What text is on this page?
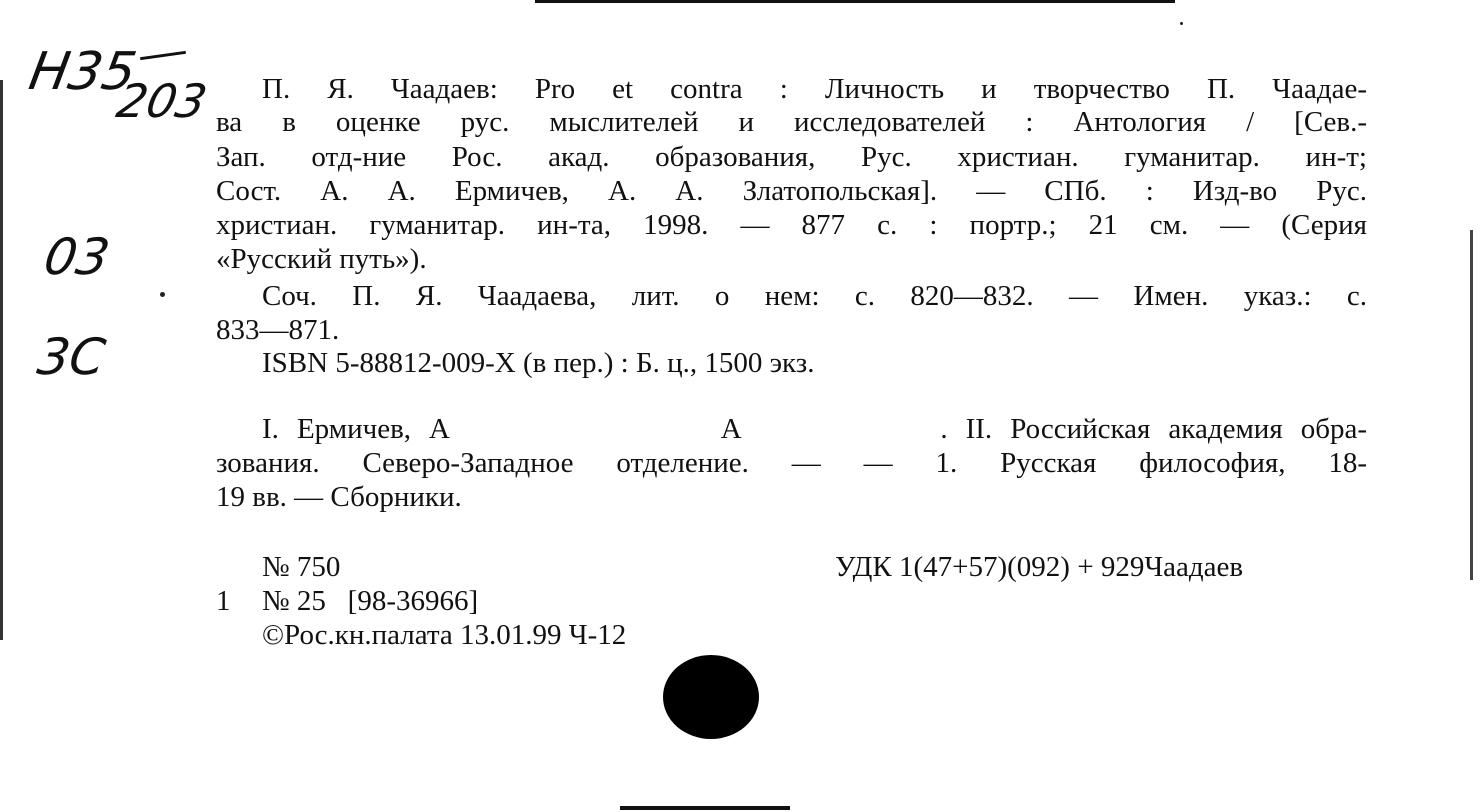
Н35
203
03
3С
П. Я. Чаадаев: Pro et contra : Личность и творчество П. Чаадае-
ва в оценке рус. мыслителей и исследователей : Антология / [Сев.-
Зап. отд-ние Рос. акад. образования, Рус. христиан. гуманитар. ин-т;
Сост. А. А. Ермичев, А. А. Златопольская]. — СПб. : Изд-во Рус.
христиан. гуманитар. ин-та, 1998. — 877 с. : портр.; 21 см. — (Серия
«Русский путь»).
Соч. П. Я. Чаадаева, лит. о нем: с. 820—832. — Имен. указ.: с.
833—871.
ISBN 5-88812-009-X (в пер.) : Б. ц., 1500 экз.
I. Ермичев, А               А           . II. Российская академия обра-
зования. Северо-Западное отделение. — — 1. Русская философия, 18-
19 вв. — Сборники.
№ 750	УДК 1(47+57)(092) + 929Чаадаев
1 № 25   [98-36966]
©Рос.кн.палата 13.01.99 Ч-12
